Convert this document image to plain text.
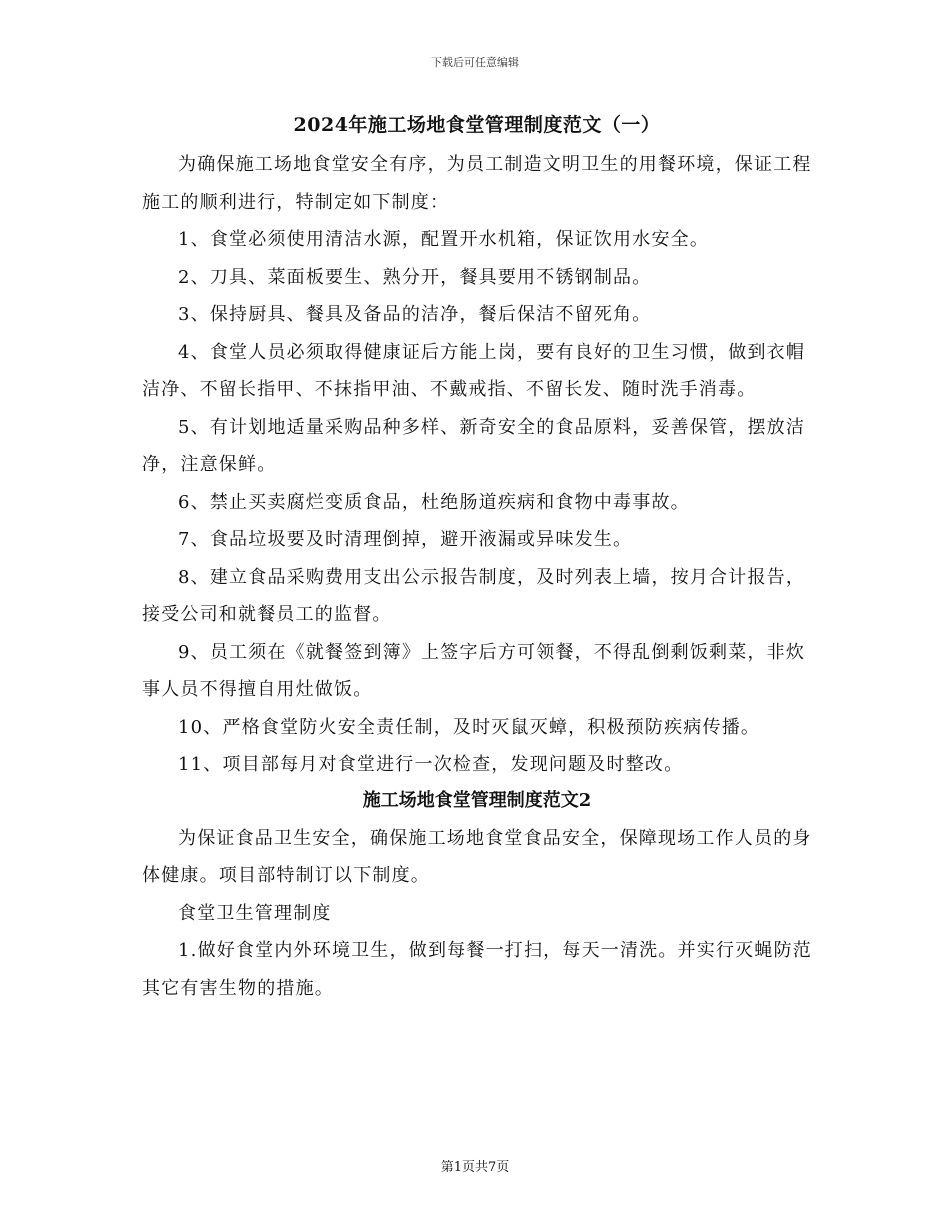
下载后可任意编辑
2024年施工场地食堂管理制度范文（一）

为确保施工场地食堂安全有序，为员工制造文明卫生的用餐环境，保证工程施工的顺利进行，特制定如下制度：

1、食堂必须使用清洁水源，配置开水机箱，保证饮用水安全。

2、刀具、菜面板要生、熟分开，餐具要用不锈钢制品。

3、保持厨具、餐具及备品的洁净，餐后保洁不留死角。

4、食堂人员必须取得健康证后方能上岗，要有良好的卫生习惯，做到衣帽洁净、不留长指甲、不抹指甲油、不戴戒指、不留长发、随时洗手消毒。

5、有计划地适量采购品种多样、新奇安全的食品原料，妥善保管，摆放洁净，注意保鲜。

6、禁止买卖腐烂变质食品，杜绝肠道疾病和食物中毒事故。

7、食品垃圾要及时清理倒掉，避开液漏或异味发生。

8、建立食品采购费用支出公示报告制度，及时列表上墙，按月合计报告，接受公司和就餐员工的监督。

9、员工须在《就餐签到簿》上签字后方可领餐，不得乱倒剩饭剩菜，非炊事人员不得擅自用灶做饭。

10、严格食堂防火安全责任制，及时灭鼠灭蟑，积极预防疾病传播。

11、项目部每月对食堂进行一次检查，发现问题及时整改。

施工场地食堂管理制度范文2

为保证食品卫生安全，确保施工场地食堂食品安全，保障现场工作人员的身体健康。项目部特制订以下制度。

食堂卫生管理制度

1.做好食堂内外环境卫生，做到每餐一打扫，每天一清洗。并实行灭蝇防范其它有害生物的措施。

第1页共7页
